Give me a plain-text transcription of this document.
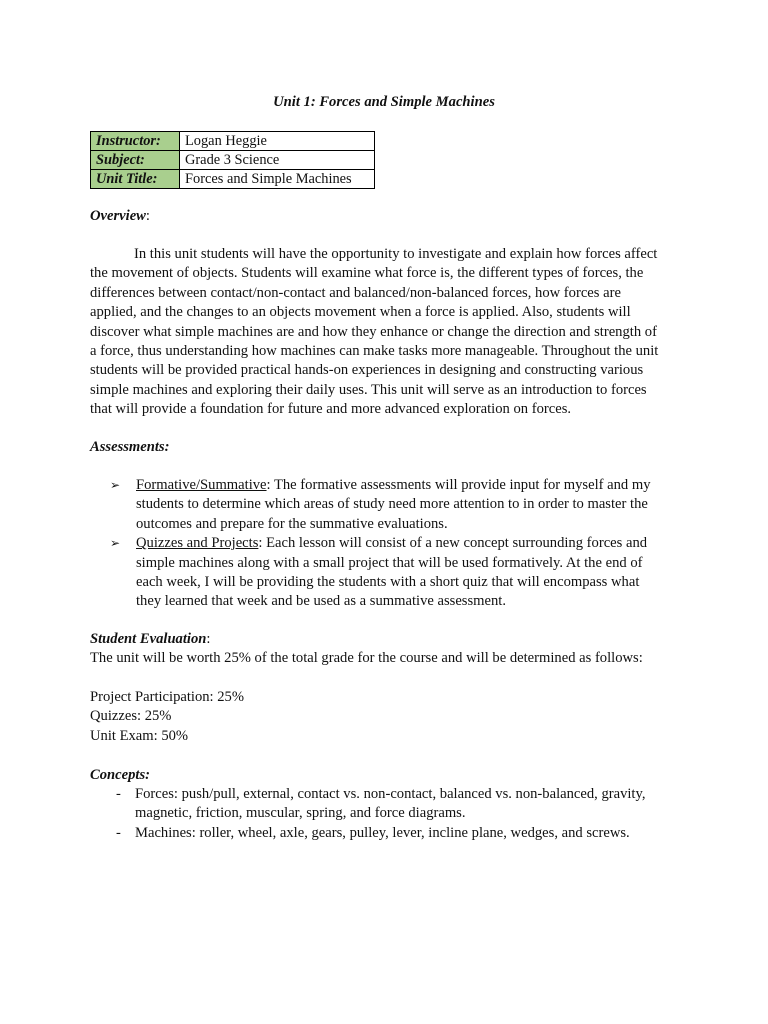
Unit 1: Forces and Simple Machines
Instructor:	Logan Heggie
Subject:	Grade 3 Science
Unit Title:	Forces and Simple Machines
Overview:
In this unit students will have the opportunity to investigate and explain how forces affect
the movement of objects. Students will examine what force is, the different types of forces, the
differences between contact/non-contact and balanced/non-balanced forces, how forces are
applied, and the changes to an objects movement when a force is applied. Also, students will
discover what simple machines are and how they enhance or change the direction and strength of
a force, thus understanding how machines can make tasks more manageable. Throughout the unit
students will be provided practical hands-on experiences in designing and constructing various
simple machines and exploring their daily uses. This unit will serve as an introduction to forces
that will provide a foundation for future and more advanced exploration on forces.
Assessments:
➢ Formative/Summative: The formative assessments will provide input for myself and my
students to determine which areas of study need more attention to in order to master the
outcomes and prepare for the summative evaluations.
➢ Quizzes and Projects: Each lesson will consist of a new concept surrounding forces and
simple machines along with a small project that will be used formatively. At the end of
each week, I will be providing the students with a short quiz that will encompass what
they learned that week and be used as a summative assessment.
Student Evaluation:
The unit will be worth 25% of the total grade for the course and will be determined as follows:
Project Participation: 25%
Quizzes: 25%
Unit Exam: 50%
Concepts:
- Forces: push/pull, external, contact vs. non-contact, balanced vs. non-balanced, gravity,
magnetic, friction, muscular, spring, and force diagrams.
- Machines: roller, wheel, axle, gears, pulley, lever, incline plane, wedges, and screws.
